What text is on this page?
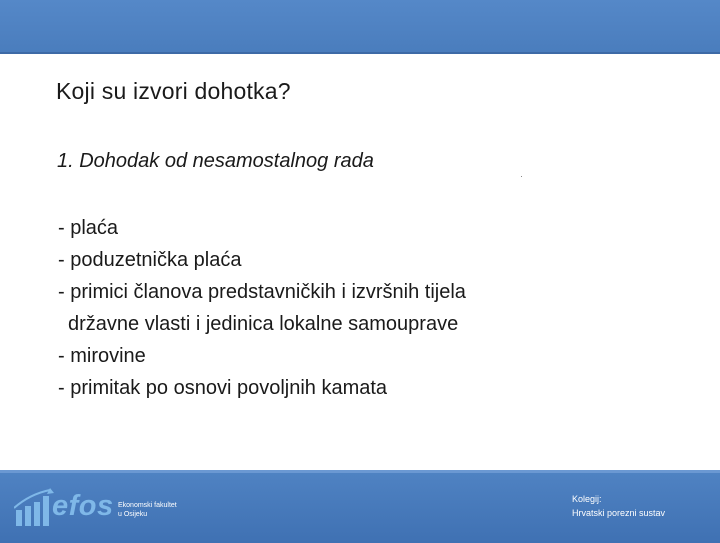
Koji su izvori dohotka?
1. Dohodak od nesamostalnog rada
- plaća
- poduzetnička plaća
- primici članova predstavničkih i izvršnih tijela
državne vlasti i jedinica lokalne samouprave
- mirovine
- primitak po osnovi povoljnih kamata
efos Ekonomski fakultet
u Osijeku
Kolegij:
Hrvatski porezni sustav
